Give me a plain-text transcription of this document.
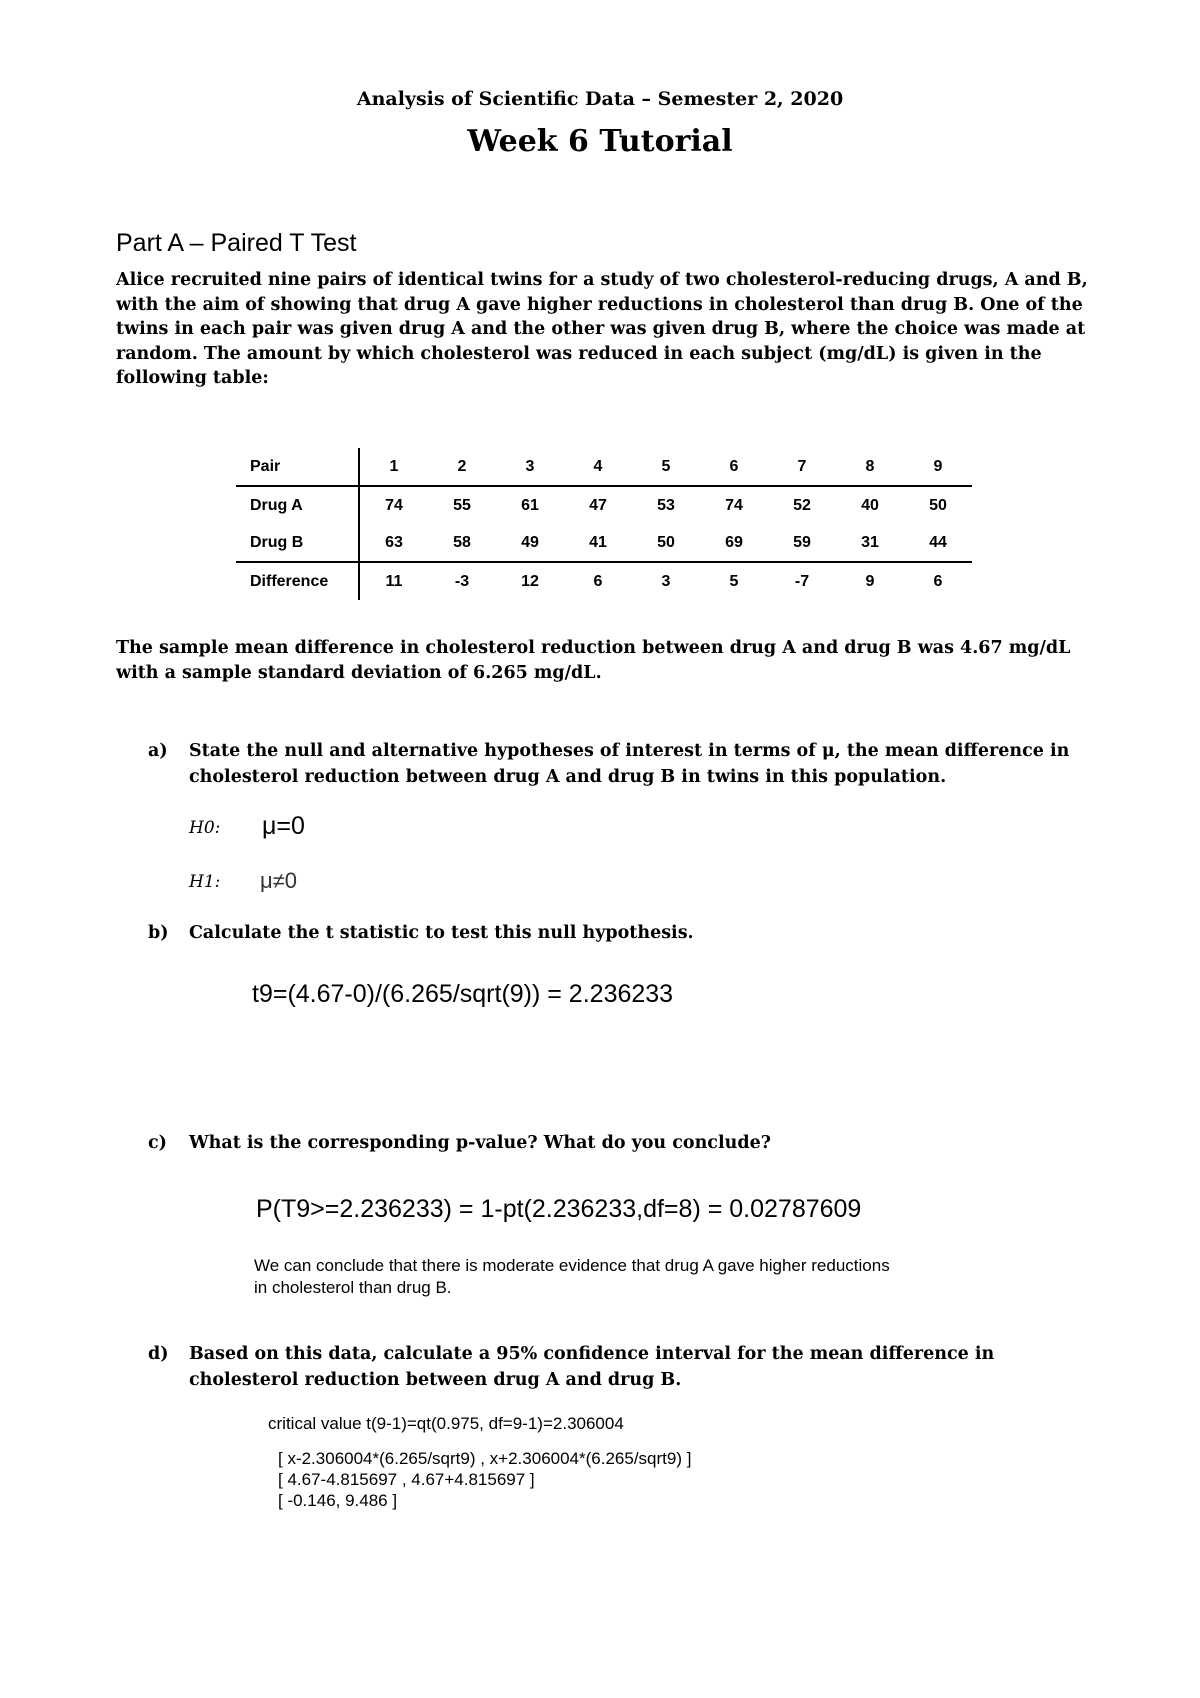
Analysis of Scientific Data – Semester 2, 2020
Week 6 Tutorial
Part A – Paired T Test
Alice recruited nine pairs of identical twins for a study of two cholesterol-reducing drugs, A and B, with the aim of showing that drug A gave higher reductions in cholesterol than drug B. One of the twins in each pair was given drug A and the other was given drug B, where the choice was made at random. The amount by which cholesterol was reduced in each subject (mg/dL) is given in the following table:
Pair	1	2	3	4	5	6	7	8	9
Drug A	74	55	61	47	53	74	52	40	50
Drug B	63	58	49	41	50	69	59	31	44
Difference	11	-3	12	6	3	5	-7	9	6
The sample mean difference in cholesterol reduction between drug A and drug B was 4.67 mg/dL with a sample standard deviation of 6.265 mg/dL.
a) State the null and alternative hypotheses of interest in terms of μ, the mean difference in cholesterol reduction between drug A and drug B in twins in this population.
H0: μ=0
H1: μ≠0
b) Calculate the t statistic to test this null hypothesis.
t9=(4.67-0)/(6.265/sqrt(9)) = 2.236233
c) What is the corresponding p-value? What do you conclude?
P(T9>=2.236233) = 1-pt(2.236233,df=8) = 0.02787609
We can conclude that there is moderate evidence that drug A gave higher reductions
in cholesterol than drug B.
d) Based on this data, calculate a 95% confidence interval for the mean difference in cholesterol reduction between drug A and drug B.
critical value t(9-1)=qt(0.975, df=9-1)=2.306004
[ x-2.306004*(6.265/sqrt9) , x+2.306004*(6.265/sqrt9) ]
[ 4.67-4.815697 , 4.67+4.815697 ]
[ -0.146, 9.486 ]
